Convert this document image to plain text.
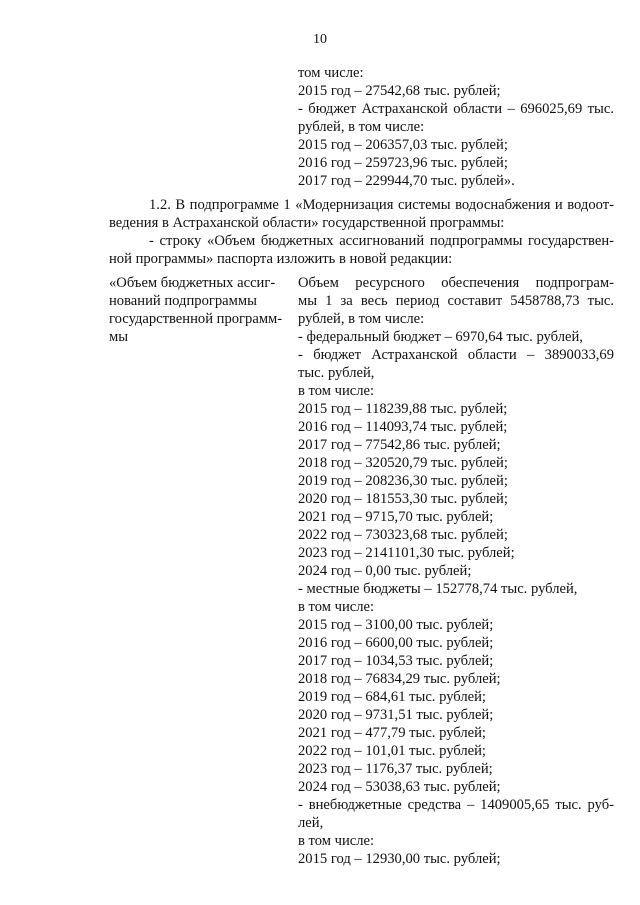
10
том числе:
2015 год – 27542,68 тыс. рублей;
- бюджет Астраханской области – 696025,69 тыс.
рублей, в том числе:
2015 год – 206357,03 тыс. рублей;
2016 год – 259723,96 тыс. рублей;
2017 год – 229944,70 тыс. рублей».
1.2. В подпрограмме 1 «Модернизация системы водоснабжения и водоот-
ведения в Астраханской области» государственной программы:
- строку «Объем бюджетных ассигнований подпрограммы государствен-
ной программы» паспорта изложить в новой редакции:
«Объем бюджетных ассиг-
нований подпрограммы
государственной программ-
мы
Объем ресурсного обеспечения подпрограм-
мы 1 за весь период составит 5458788,73 тыс.
рублей, в том числе:
- федеральный бюджет – 6970,64 тыс. рублей,
- бюджет Астраханской области – 3890033,69
тыс. рублей,
в том числе:
2015 год – 118239,88 тыс. рублей;
2016 год – 114093,74 тыс. рублей;
2017 год – 77542,86 тыс. рублей;
2018 год – 320520,79 тыс. рублей;
2019 год – 208236,30 тыс. рублей;
2020 год – 181553,30 тыс. рублей;
2021 год – 9715,70 тыс. рублей;
2022 год – 730323,68 тыс. рублей;
2023 год – 2141101,30 тыс. рублей;
2024 год – 0,00 тыс. рублей;
- местные бюджеты – 152778,74 тыс. рублей,
в том числе:
2015 год – 3100,00 тыс. рублей;
2016 год – 6600,00 тыс. рублей;
2017 год – 1034,53 тыс. рублей;
2018 год – 76834,29 тыс. рублей;
2019 год – 684,61 тыс. рублей;
2020 год – 9731,51 тыс. рублей;
2021 год – 477,79 тыс. рублей;
2022 год – 101,01 тыс. рублей;
2023 год – 1176,37 тыс. рублей;
2024 год – 53038,63 тыс. рублей;
- внебюджетные средства – 1409005,65 тыс. руб-
лей,
в том числе:
2015 год – 12930,00 тыс. рублей;
